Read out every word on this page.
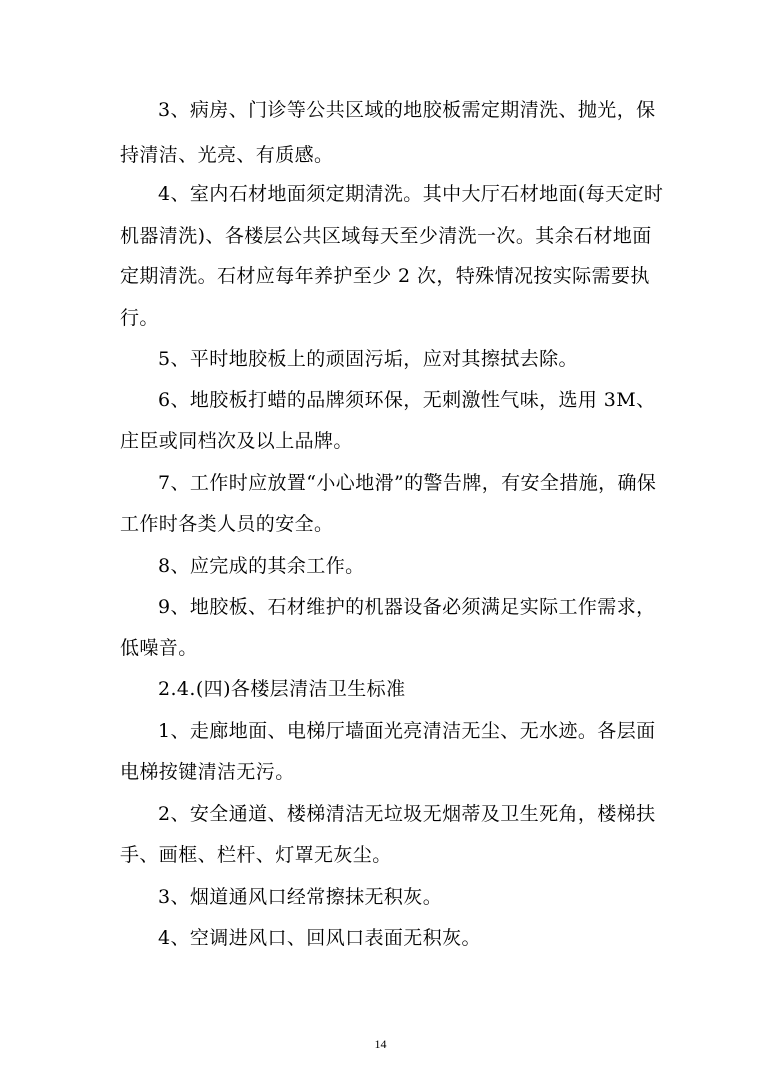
3、病房、门诊等公共区域的地胶板需定期清洗、抛光，保
持清洁、光亮、有质感。
4、室内石材地面须定期清洗。其中大厅石材地面(每天定时
机器清洗)、各楼层公共区域每天至少清洗一次。其余石材地面
定期清洗。石材应每年养护至少 2 次，特殊情况按实际需要执
行。
5、平时地胶板上的顽固污垢，应对其擦拭去除。
6、地胶板打蜡的品牌须环保，无刺激性气味，选用 3M、
庄臣或同档次及以上品牌。
7、工作时应放置“小心地滑”的警告牌，有安全措施，确保
工作时各类人员的安全。
8、应完成的其余工作。
9、地胶板、石材维护的机器设备必须满足实际工作需求，
低噪音。
2.4.(四)各楼层清洁卫生标准
1、走廊地面、电梯厅墙面光亮清洁无尘、无水迹。各层面
电梯按键清洁无污。
2、安全通道、楼梯清洁无垃圾无烟蒂及卫生死角，楼梯扶
手、画框、栏杆、灯罩无灰尘。
3、烟道通风口经常擦抹无积灰。
4、空调进风口、回风口表面无积灰。
14
